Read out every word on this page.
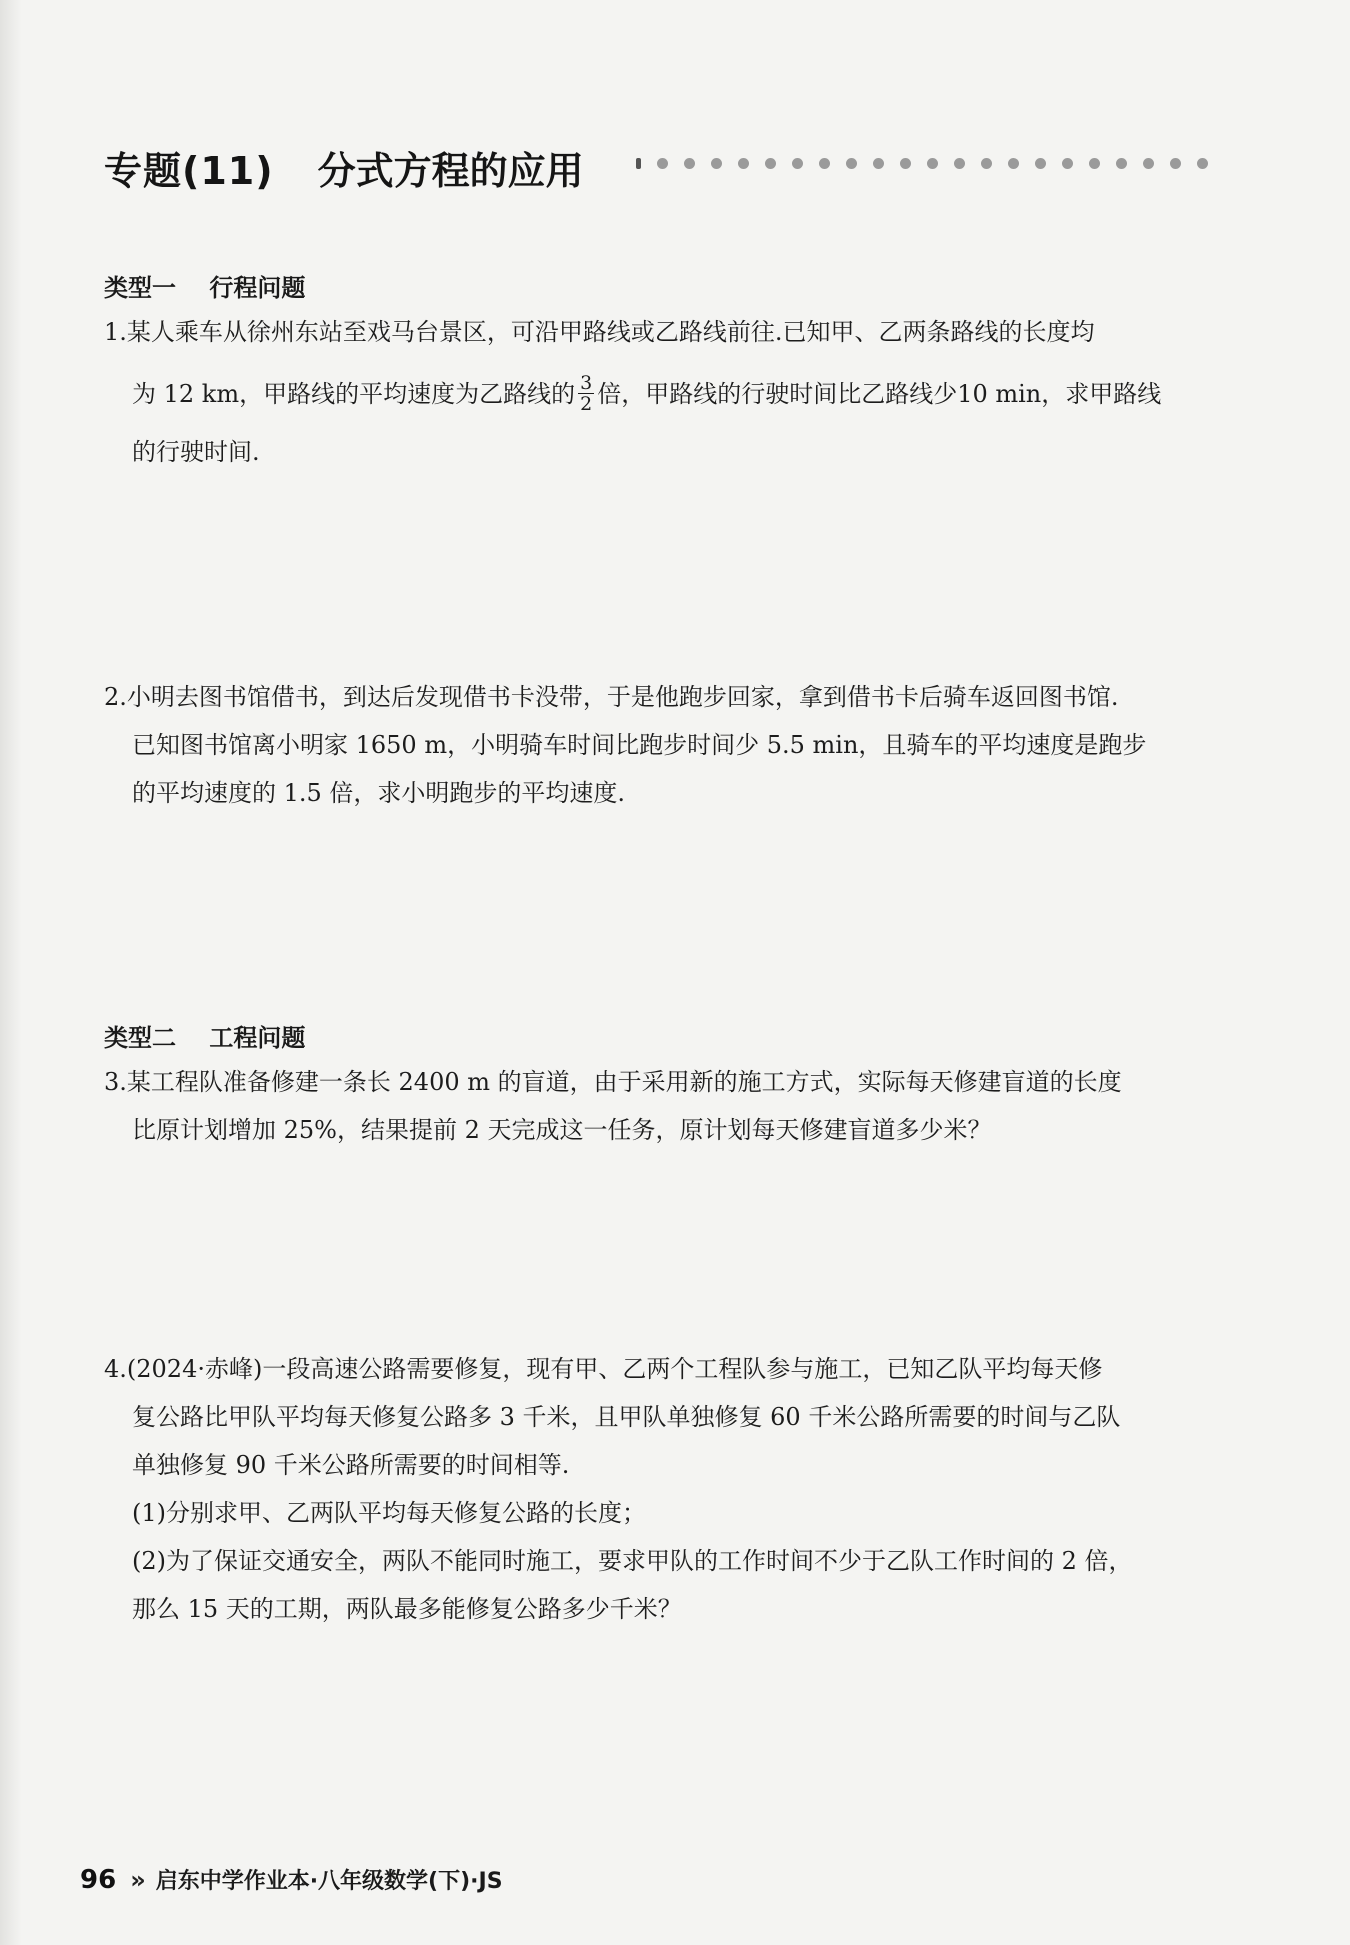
专题(11) 分式方程的应用
类型一    行程问题
1.某人乘车从徐州东站至戏马台景区，可沿甲路线或乙路线前往.已知甲、乙两条路线的长度均
为 12 km，甲路线的平均速度为乙路线的 $\frac{3}{2}$ 倍，甲路线的行驶时间比乙路线少10 min，求甲路线
的行驶时间.
2.小明去图书馆借书，到达后发现借书卡没带，于是他跑步回家，拿到借书卡后骑车返回图书馆.
已知图书馆离小明家 1650 m，小明骑车时间比跑步时间少 5.5 min，且骑车的平均速度是跑步
的平均速度的 1.5 倍，求小明跑步的平均速度.
类型二    工程问题
3.某工程队准备修建一条长 2400 m 的盲道，由于采用新的施工方式，实际每天修建盲道的长度
比原计划增加 25%，结果提前 2 天完成这一任务，原计划每天修建盲道多少米？
4.(2024·赤峰)一段高速公路需要修复，现有甲、乙两个工程队参与施工，已知乙队平均每天修
复公路比甲队平均每天修复公路多 3 千米，且甲队单独修复 60 千米公路所需要的时间与乙队
单独修复 90 千米公路所需要的时间相等.
(1)分别求甲、乙两队平均每天修复公路的长度；
(2)为了保证交通安全，两队不能同时施工，要求甲队的工作时间不少于乙队工作时间的 2 倍，
那么 15 天的工期，两队最多能修复公路多少千米？
96 » 启东中学作业本·八年级数学(下)·JS
